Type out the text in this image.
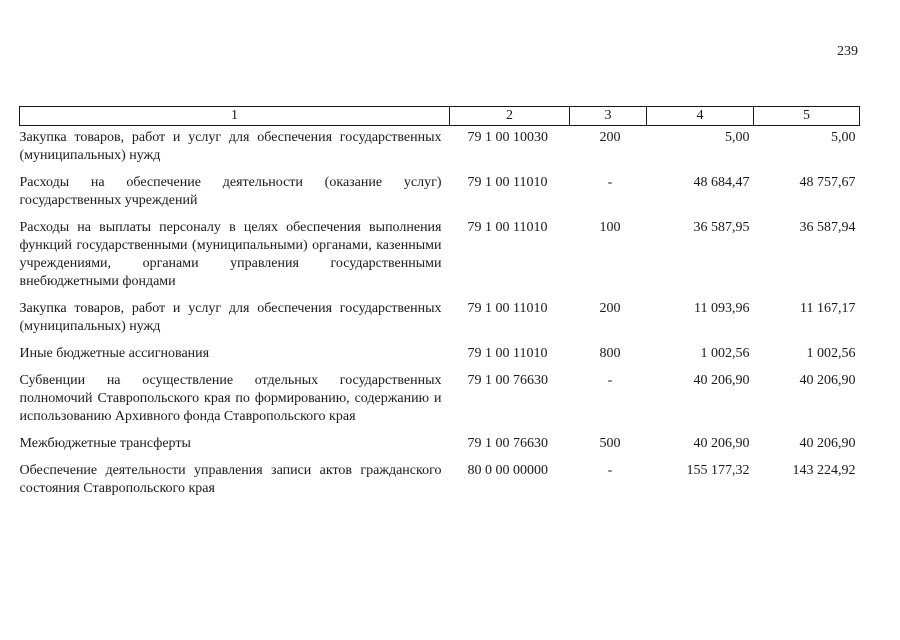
239
1	2	3	4	5
Закупка товаров, работ и услуг для обеспечения государственных (муниципальных) нужд	79 1 00 10030	200	5,00	5,00
Расходы на обеспечение деятельности (оказание услуг) государственных учреждений	79 1 00 11010	-	48 684,47	48 757,67
Расходы на выплаты персоналу в целях обеспечения выполнения функций государственными (муниципальными) органами, казенными учреждениями, органами управления государственными внебюджетными фондами	79 1 00 11010	100	36 587,95	36 587,94
Закупка товаров, работ и услуг для обеспечения государственных (муниципальных) нужд	79 1 00 11010	200	11 093,96	11 167,17
Иные бюджетные ассигнования	79 1 00 11010	800	1 002,56	1 002,56
Субвенции на осуществление отдельных государственных полномочий Ставропольского края по формированию, содержанию и использованию Архивного фонда Ставропольского края	79 1 00 76630	-	40 206,90	40 206,90
Межбюджетные трансферты	79 1 00 76630	500	40 206,90	40 206,90
Обеспечение деятельности управления записи актов гражданского состояния Ставропольского края	80 0 00 00000	-	155 177,32	143 224,92
